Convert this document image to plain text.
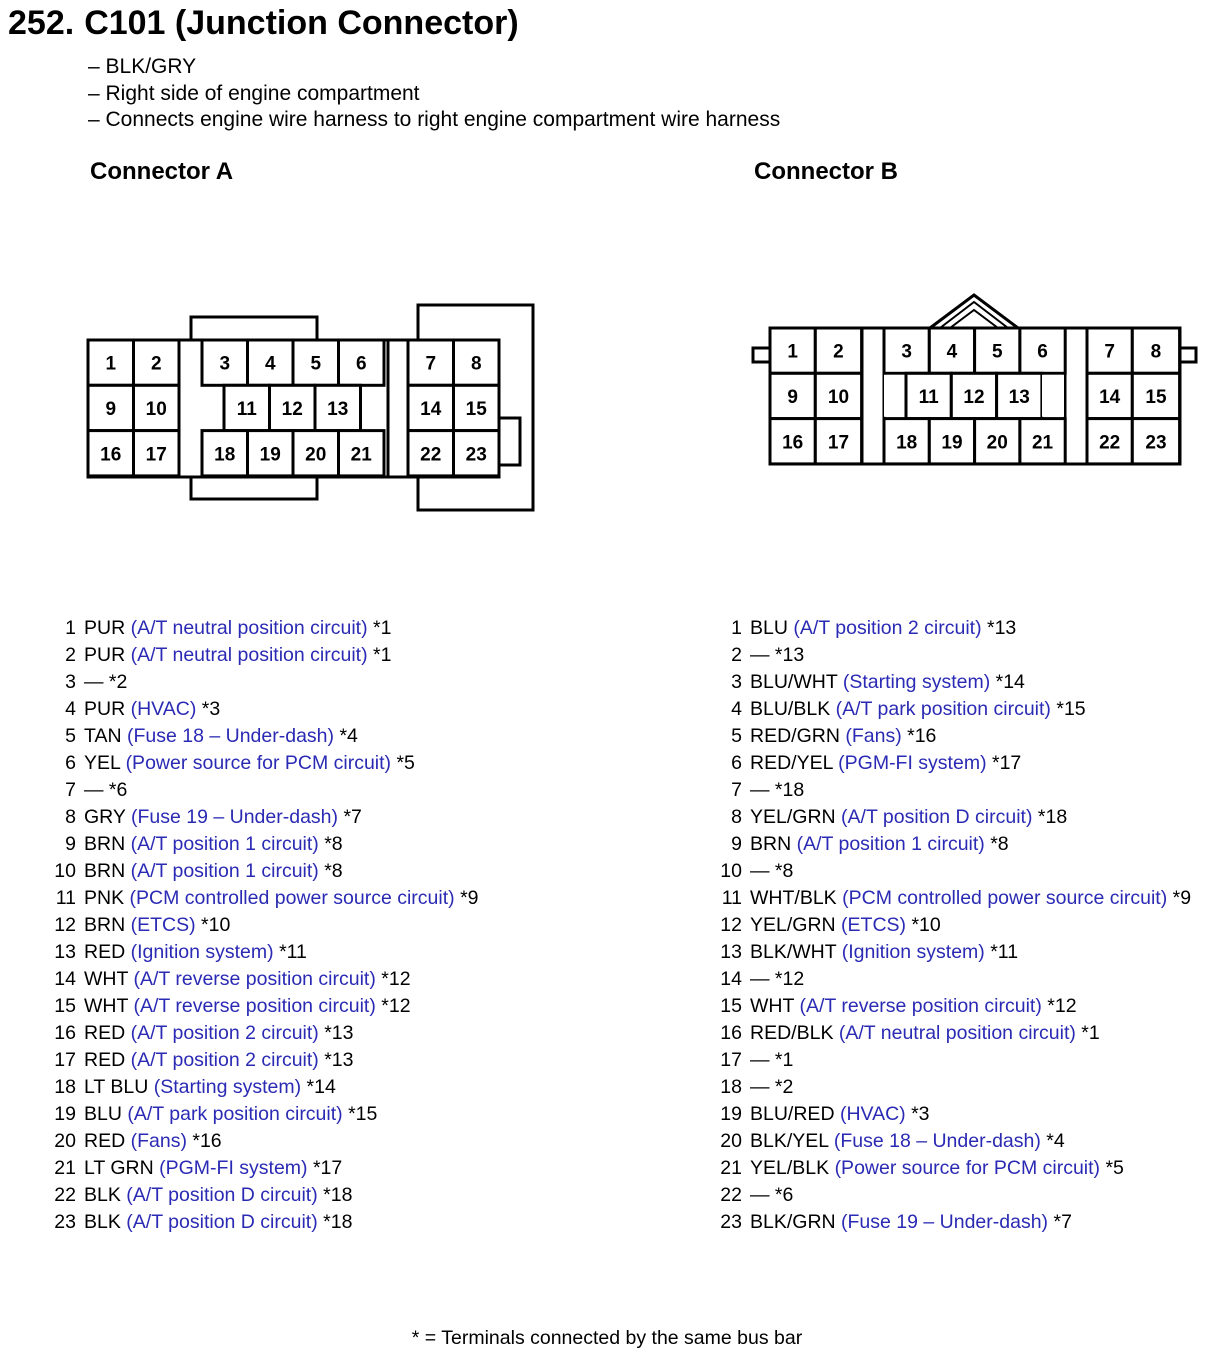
252. C101 (Junction Connector)
– BLK/GRY
– Right side of engine compartment
– Connects engine wire harness to right engine compartment wire harness
Connector A	Connector B
1 2	3 4 5 6	7 8
9 10	11 12 13	14 15
16 17 18 19 20 21	22 23
1 2	3 4 5 6	7 8
9 10	11 12 13	14 15
16 17 18 19 20 21 22 23
1 PUR (A/T neutral position circuit) *1
2 PUR (A/T neutral position circuit) *1
3 — *2
4 PUR (HVAC) *3
5 TAN (Fuse 18 – Under-dash) *4
6 YEL (Power source for PCM circuit) *5
7 — *6
8 GRY (Fuse 19 – Under-dash) *7
9 BRN (A/T position 1 circuit) *8
10 BRN (A/T position 1 circuit) *8
11 PNK (PCM controlled power source circuit) *9
12 BRN (ETCS) *10
13 RED (Ignition system) *11
14 WHT (A/T reverse position circuit) *12
15 WHT (A/T reverse position circuit) *12
16 RED (A/T position 2 circuit) *13
17 RED (A/T position 2 circuit) *13
18 LT BLU (Starting system) *14
19 BLU (A/T park position circuit) *15
20 RED (Fans) *16
21 LT GRN (PGM-FI system) *17
22 BLK (A/T position D circuit) *18
23 BLK (A/T position D circuit) *18
1 BLU (A/T position 2 circuit) *13
2 — *13
3 BLU/WHT (Starting system) *14
4 BLU/BLK (A/T park position circuit) *15
5 RED/GRN (Fans) *16
6 RED/YEL (PGM-FI system) *17
7 — *18
8 YEL/GRN (A/T position D circuit) *18
9 BRN (A/T position 1 circuit) *8
10 — *8
11 WHT/BLK (PCM controlled power source circuit) *9
12 YEL/GRN (ETCS) *10
13 BLK/WHT (Ignition system) *11
14 — *12
15 WHT (A/T reverse position circuit) *12
16 RED/BLK (A/T neutral position circuit) *1
17 — *1
18 — *2
19 BLU/RED (HVAC) *3
20 BLK/YEL (Fuse 18 – Under-dash) *4
21 YEL/BLK (Power source for PCM circuit) *5
22 — *6
23 BLK/GRN (Fuse 19 – Under-dash) *7
* = Terminals connected by the same bus bar
